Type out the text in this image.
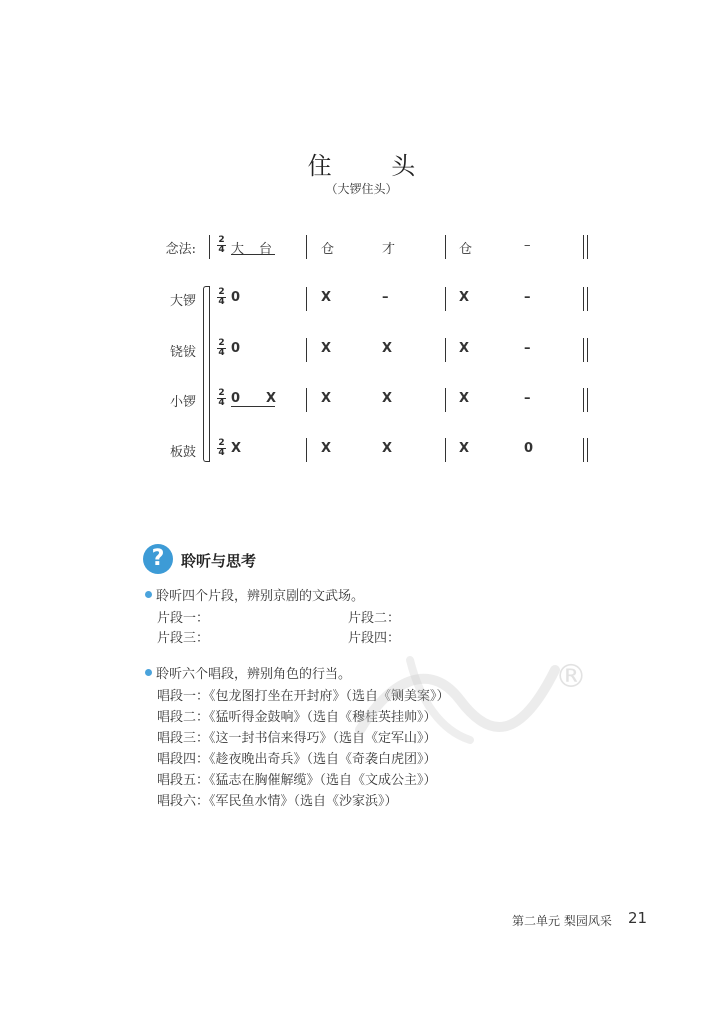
住 头
（大锣住头）
念法:
2
4 大 台	仓	才	仓	–
大锣
2
4 0	X	–	X	–
铙钹
2
4 0	X	X	X	–
小锣
2
4 0 X	X	X	X	–
板鼓
2
4 X	X	X	X	0
?	聆听与思考
聆听四个片段，辨别京剧的文武场。
片段一：	片段二：
片段三：	片段四：
聆听六个唱段，辨别角色的行当。
唱段一：《包龙图打坐在开封府》（选自《铡美案》）
唱段二：《猛听得金鼓响》（选自《穆桂英挂帅》）
唱段三：《这一封书信来得巧》（选自《定军山》）
唱段四：《趁夜晚出奇兵》（选自《奇袭白虎团》）
唱段五：《猛志在胸催解缆》（选自《文成公主》）
唱段六：《军民鱼水情》（选自《沙家浜》）
®
第二单元 梨园风采 21
